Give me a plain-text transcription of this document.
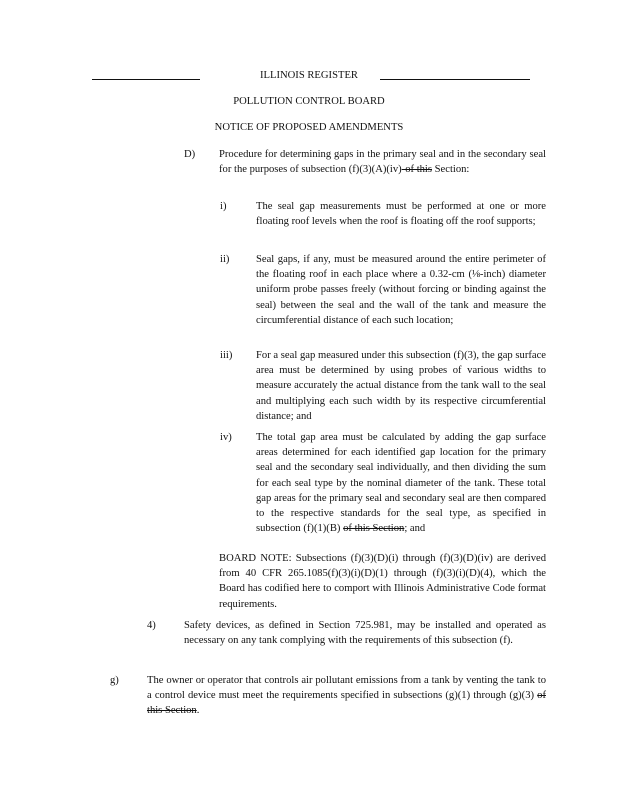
ILLINOIS REGISTER
POLLUTION CONTROL BOARD
NOTICE OF PROPOSED AMENDMENTS
D) Procedure for determining gaps in the primary seal and in the secondary seal for the purposes of subsection (f)(3)(A)(iv)-of this Section:
i)	The seal gap measurements must be performed at one or more floating roof levels when the roof is floating off the roof supports;
ii)	Seal gaps, if any, must be measured around the entire perimeter of the floating roof in each place where a 0.32-cm (⅛-inch) diameter uniform probe passes freely (without forcing or binding against the seal) between the seal and the wall of the tank and measure the circumferential distance of each such location;
iii) For a seal gap measured under this subsection (f)(3), the gap surface area must be determined by using probes of various widths to measure accurately the actual distance from the tank wall to the seal and multiplying each such width by its respective circumferential distance; and
iv) The total gap area must be calculated by adding the gap surface areas determined for each identified gap location for the primary seal and the secondary seal individually, and then dividing the sum for each seal type by the nominal diameter of the tank. These total gap areas for the primary seal and secondary seal are then compared to the respective standards for the seal type, as specified in subsection (f)(1)(B) of this Section; and
BOARD NOTE: Subsections (f)(3)(D)(i) through (f)(3)(D)(iv) are derived from 40 CFR 265.1085(f)(3)(i)(D)(1) through (f)(3)(i)(D)(4), which the Board has codified here to comport with Illinois Administrative Code format requirements.
4)	Safety devices, as defined in Section 725.981, may be installed and operated as necessary on any tank complying with the requirements of this subsection (f).
g)	The owner or operator that controls air pollutant emissions from a tank by venting the tank to a control device must meet the requirements specified in subsections (g)(1) through (g)(3) of this Section.
